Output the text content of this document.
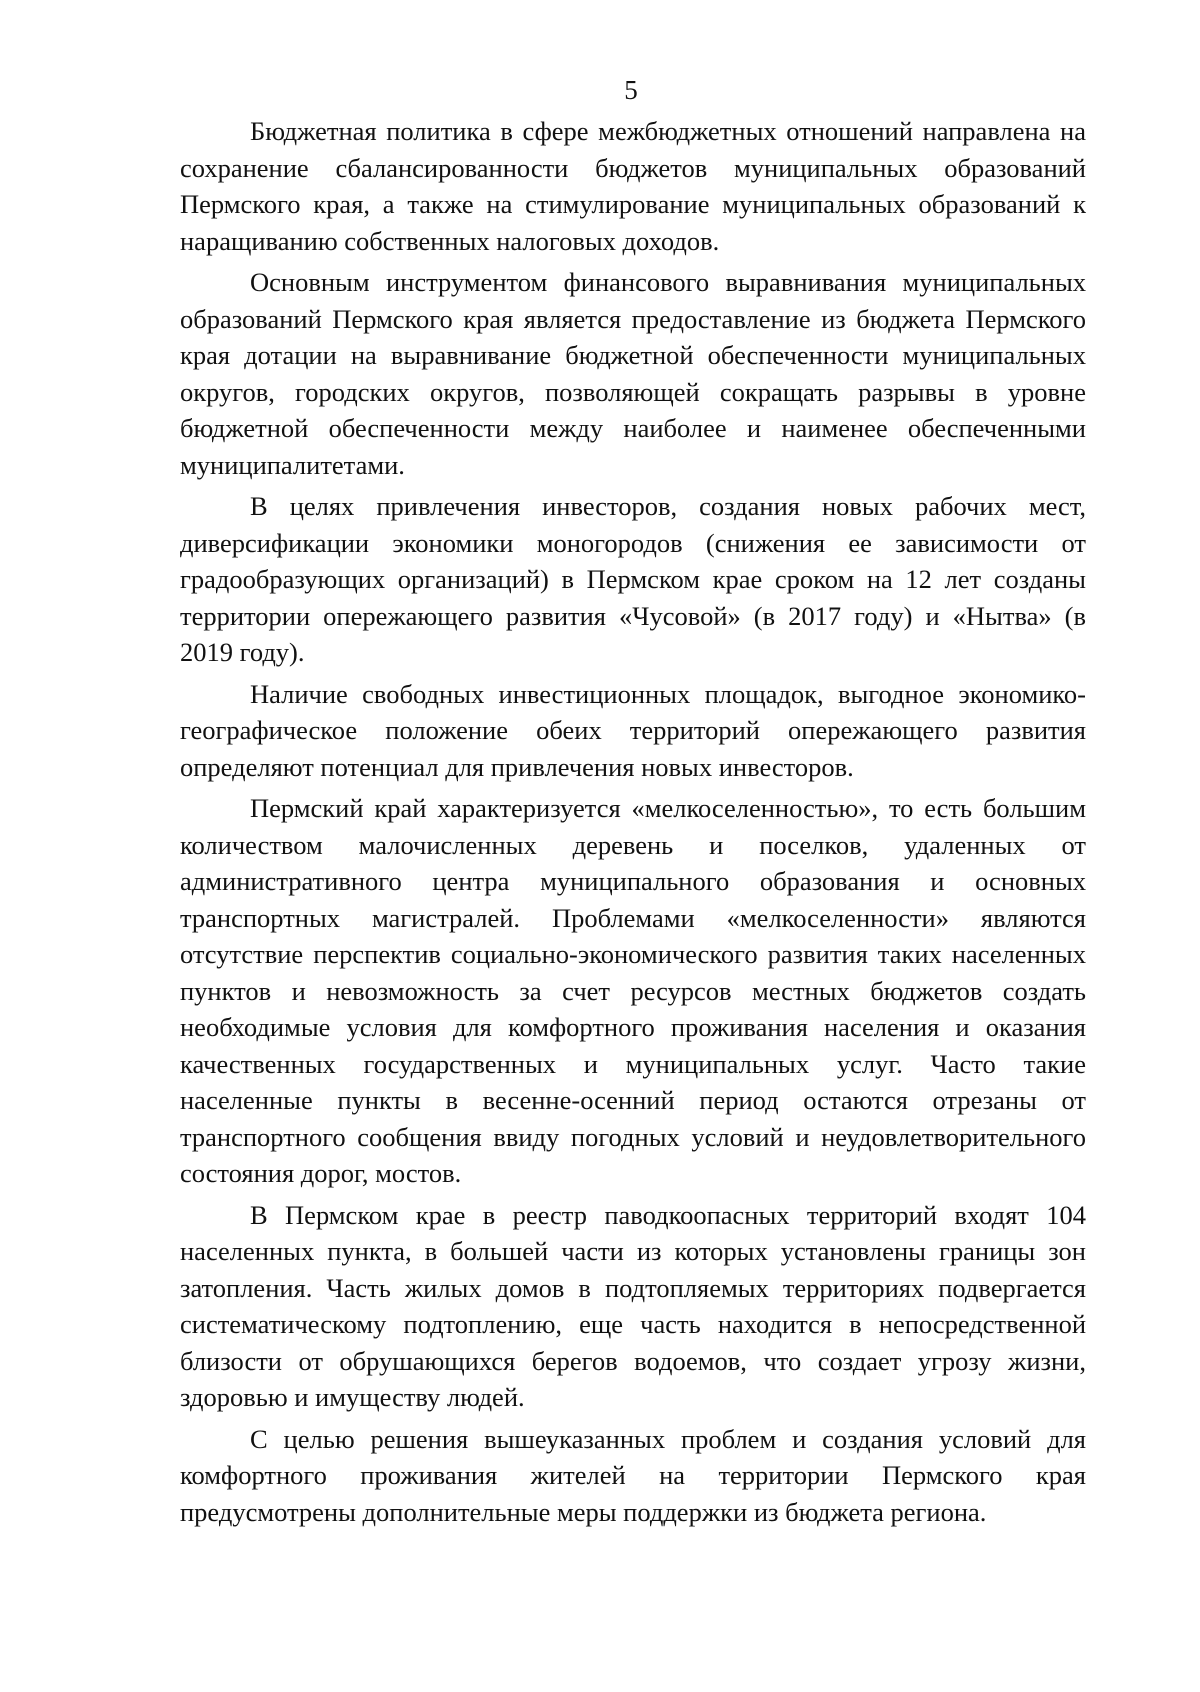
5

Бюджетная политика в сфере межбюджетных отношений направлена на сохранение сбалансированности бюджетов муниципальных образований Пермского края, а также на стимулирование муниципальных образований к наращиванию собственных налоговых доходов.

Основным инструментом финансового выравнивания муниципальных образований Пермского края является предоставление из бюджета Пермского края дотации на выравнивание бюджетной обеспеченности муниципальных округов, городских округов, позволяющей сокращать разрывы в уровне бюджетной обеспеченности между наиболее и наименее обеспеченными муниципалитетами.

В целях привлечения инвесторов, создания новых рабочих мест, диверсификации экономики моногородов (снижения ее зависимости от градообразующих организаций) в Пермском крае сроком на 12 лет созданы территории опережающего развития «Чусовой» (в 2017 году) и «Нытва» (в 2019 году).

Наличие свободных инвестиционных площадок, выгодное экономико-географическое положение обеих территорий опережающего развития определяют потенциал для привлечения новых инвесторов.

Пермский край характеризуется «мелкоселенностью», то есть большим количеством малочисленных деревень и поселков, удаленных от административного центра муниципального образования и основных транспортных магистралей. Проблемами «мелкоселенности» являются отсутствие перспектив социально-экономического развития таких населенных пунктов и невозможность за счет ресурсов местных бюджетов создать необходимые условия для комфортного проживания населения и оказания качественных государственных и муниципальных услуг. Часто такие населенные пункты в весенне-осенний период остаются отрезаны от транспортного сообщения ввиду погодных условий и неудовлетворительного состояния дорог, мостов.

В Пермском крае в реестр паводкоопасных территорий входят 104 населенных пункта, в большей части из которых установлены границы зон затопления. Часть жилых домов в подтопляемых территориях подвергается систематическому подтоплению, еще часть находится в непосредственной близости от обрушающихся берегов водоемов, что создает угрозу жизни, здоровью и имуществу людей.

С целью решения вышеуказанных проблем и создания условий для комфортного проживания жителей на территории Пермского края предусмотрены дополнительные меры поддержки из бюджета региона.
